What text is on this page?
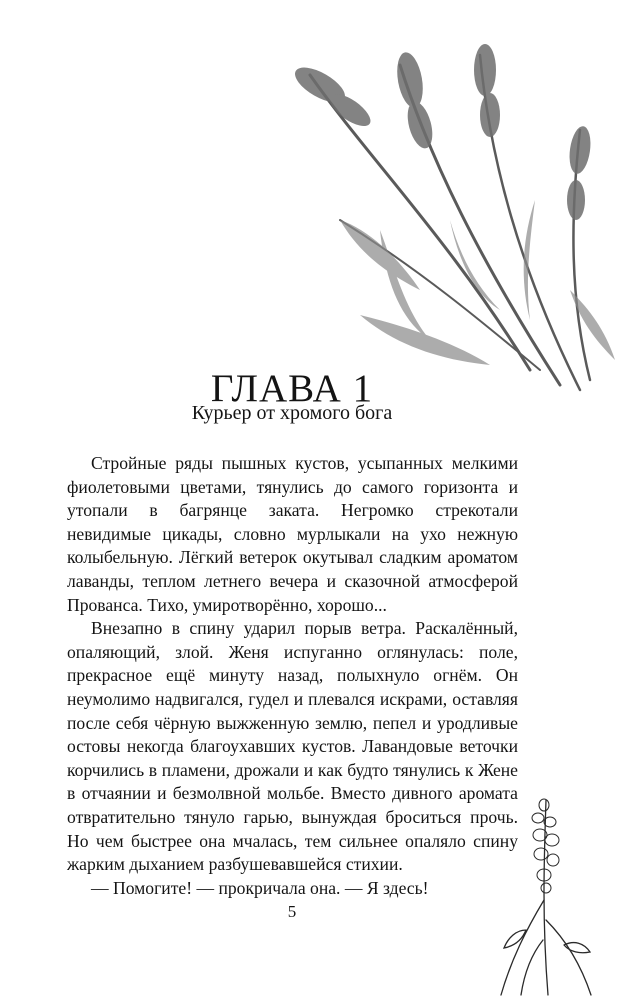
ГЛАВА 1
Курьер от хромого бога

Стройные ряды пышных кустов, усыпанных мелкими фиолетовыми цветами, тянулись до самого горизонта и утопали в багрянце заката. Негромко стрекотали невидимые цикады, словно мурлыкали на ухо нежную колыбельную. Лёгкий ветерок окутывал сладким ароматом лаванды, теплом летнего вечера и сказочной атмосферой Прованса. Тихо, умиротворённо, хорошо...

Внезапно в спину ударил порыв ветра. Раскалённый, опаляющий, злой. Женя испуганно оглянулась: поле, прекрасное ещё минуту назад, полыхнуло огнём. Он неумолимо надвигался, гудел и плевался искрами, оставляя после себя чёрную выжженную землю, пепел и уродливые остовы некогда благоухавших кустов. Лавандовые веточки корчились в пламени, дрожали и как будто тянулись к Жене в отчаянии и безмолвной мольбе. Вместо дивного аромата отвратительно тянуло гарью, вынуждая броситься прочь. Но чем быстрее она мчалась, тем сильнее опаляло спину жарким дыханием разбушевавшейся стихии.

— Помогите! — прокричала она. — Я здесь!

5
